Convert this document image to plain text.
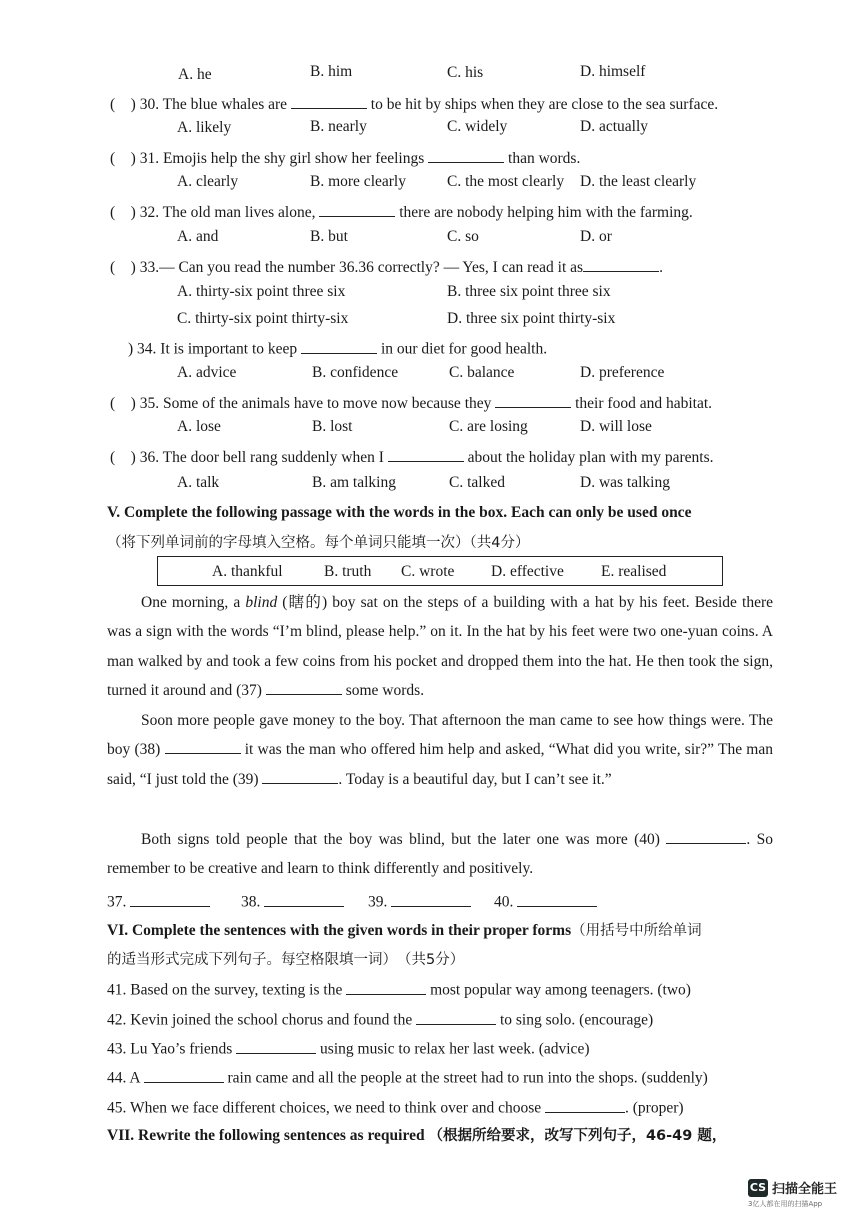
A. he	B. him	C. his	D. himself
(　) 30. The blue whales are	to be hit by ships when they are close to the sea surface.
A. likely	B. nearly	C. widely	D. actually
(　) 31. Emojis help the shy girl show her feelings	than words.
A. clearly	B. more clearly	C. the most clearly D. the least clearly
(　) 32. The old man lives alone,	there are nobody helping him with the farming.
A. and	B. but	C. so	D. or
(　) 33.— Can you read the number 36.36 correctly? — Yes, I can read it as	.
A. thirty-six point three six	B. three six point three six
C. thirty-six point thirty-six	D. three six point thirty-six
) 34. It is important to keep	in our diet for good health.
A. advice	B. confidence	C. balance	D. preference
(　) 35. Some of the animals have to move now because they	their food and habitat.
A. lose	B. lost	C. are losing	D. will lose
(　) 36. The door bell rang suddenly when I	about the holiday plan with my parents.
A. talk	B. am talking	C. talked	D. was talking
V. Complete the following passage with the words in the box. Each can only be used once
（将下列单词前的字母填入空格。每个单词只能填一次）（共4分）
A. thankful	B. truth C. wrote D. effective E. realised
One morning, a blind (瞎的) boy sat on the steps of a building with a hat by his feet. Beside there was a sign with the words “I’m blind, please help.” on it. In the hat by his feet were two one-yuan coins. A man walked by and took a few coins from his pocket and dropped them into the hat. He then took the sign, turned it around and (37)	some words.
Soon more people gave money to the boy. That afternoon the man came to see how things were. The boy (38)	it was the man who offered him help and asked, “What did you write, sir?” The man said, “I just told the (39)	. Today is a beautiful day, but I can’t see it.”
Both signs told people that the boy was blind, but the later one was more (40)	. So remember to be creative and learn to think differently and positively.
37.	38.	39.	40.
VI. Complete the sentences with the given words in their proper forms（用括号中所给单词
的适当形式完成下列句子。每空格限填一词）　（共5分）
41. Based on the survey, texting is the	most popular way among teenagers. (two)
42. Kevin joined the school chorus and found the	to sing solo. (encourage)
43. Lu Yao’s friends	using music to relax her last week. (advice)
44. A	rain came and all the people at the street had to run into the shops. (suddenly)
45. When we face different choices, we need to think over and choose	. (proper)
VII. Rewrite the following sentences as required （根据所给要求，改写下列句子，46-49 题，
CS 扫描全能王
3亿人都在用的扫描App
